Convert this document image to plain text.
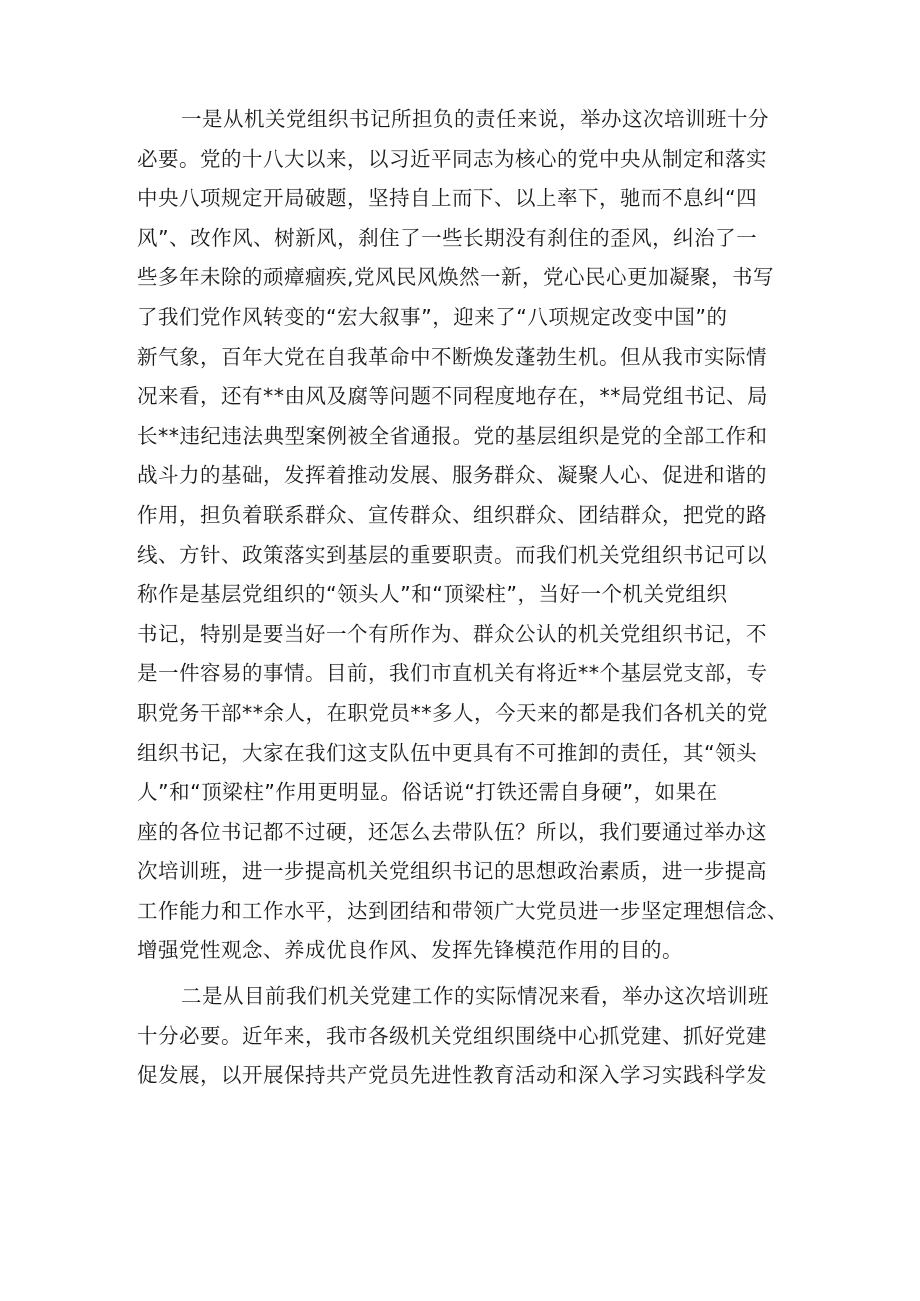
一是从机关党组织书记所担负的责任来说，举办这次培训班十分
必要。党的十八大以来，以习近平同志为核心的党中央从制定和落实
中央八项规定开局破题，坚持自上而下、以上率下，驰而不息纠“四
风”、改作风、树新风，刹住了一些长期没有刹住的歪风，纠治了一
些多年未除的顽瘴痼疾,党风民风焕然一新，党心民心更加凝聚，书写
了我们党作风转变的“宏大叙事”，迎来了“八项规定改变中国”的
新气象，百年大党在自我革命中不断焕发蓬勃生机。但从我市实际情
况来看，还有**由风及腐等问题不同程度地存在，**局党组书记、局
长**违纪违法典型案例被全省通报。党的基层组织是党的全部工作和
战斗力的基础，发挥着推动发展、服务群众、凝聚人心、促进和谐的
作用，担负着联系群众、宣传群众、组织群众、团结群众，把党的路
线、方针、政策落实到基层的重要职责。而我们机关党组织书记可以
称作是基层党组织的“领头人”和“顶梁柱”，当好一个机关党组织
书记，特别是要当好一个有所作为、群众公认的机关党组织书记，不
是一件容易的事情。目前，我们市直机关有将近**个基层党支部，专
职党务干部**余人，在职党员**多人，今天来的都是我们各机关的党
组织书记，大家在我们这支队伍中更具有不可推卸的责任，其“领头
人”和“顶梁柱”作用更明显。俗话说“打铁还需自身硬”，如果在
座的各位书记都不过硬，还怎么去带队伍？所以，我们要通过举办这
次培训班，进一步提高机关党组织书记的思想政治素质，进一步提高
工作能力和工作水平，达到团结和带领广大党员进一步坚定理想信念、
增强党性观念、养成优良作风、发挥先锋模范作用的目的。
二是从目前我们机关党建工作的实际情况来看，举办这次培训班
十分必要。近年来，我市各级机关党组织围绕中心抓党建、抓好党建
促发展，以开展保持共产党员先进性教育活动和深入学习实践科学发
